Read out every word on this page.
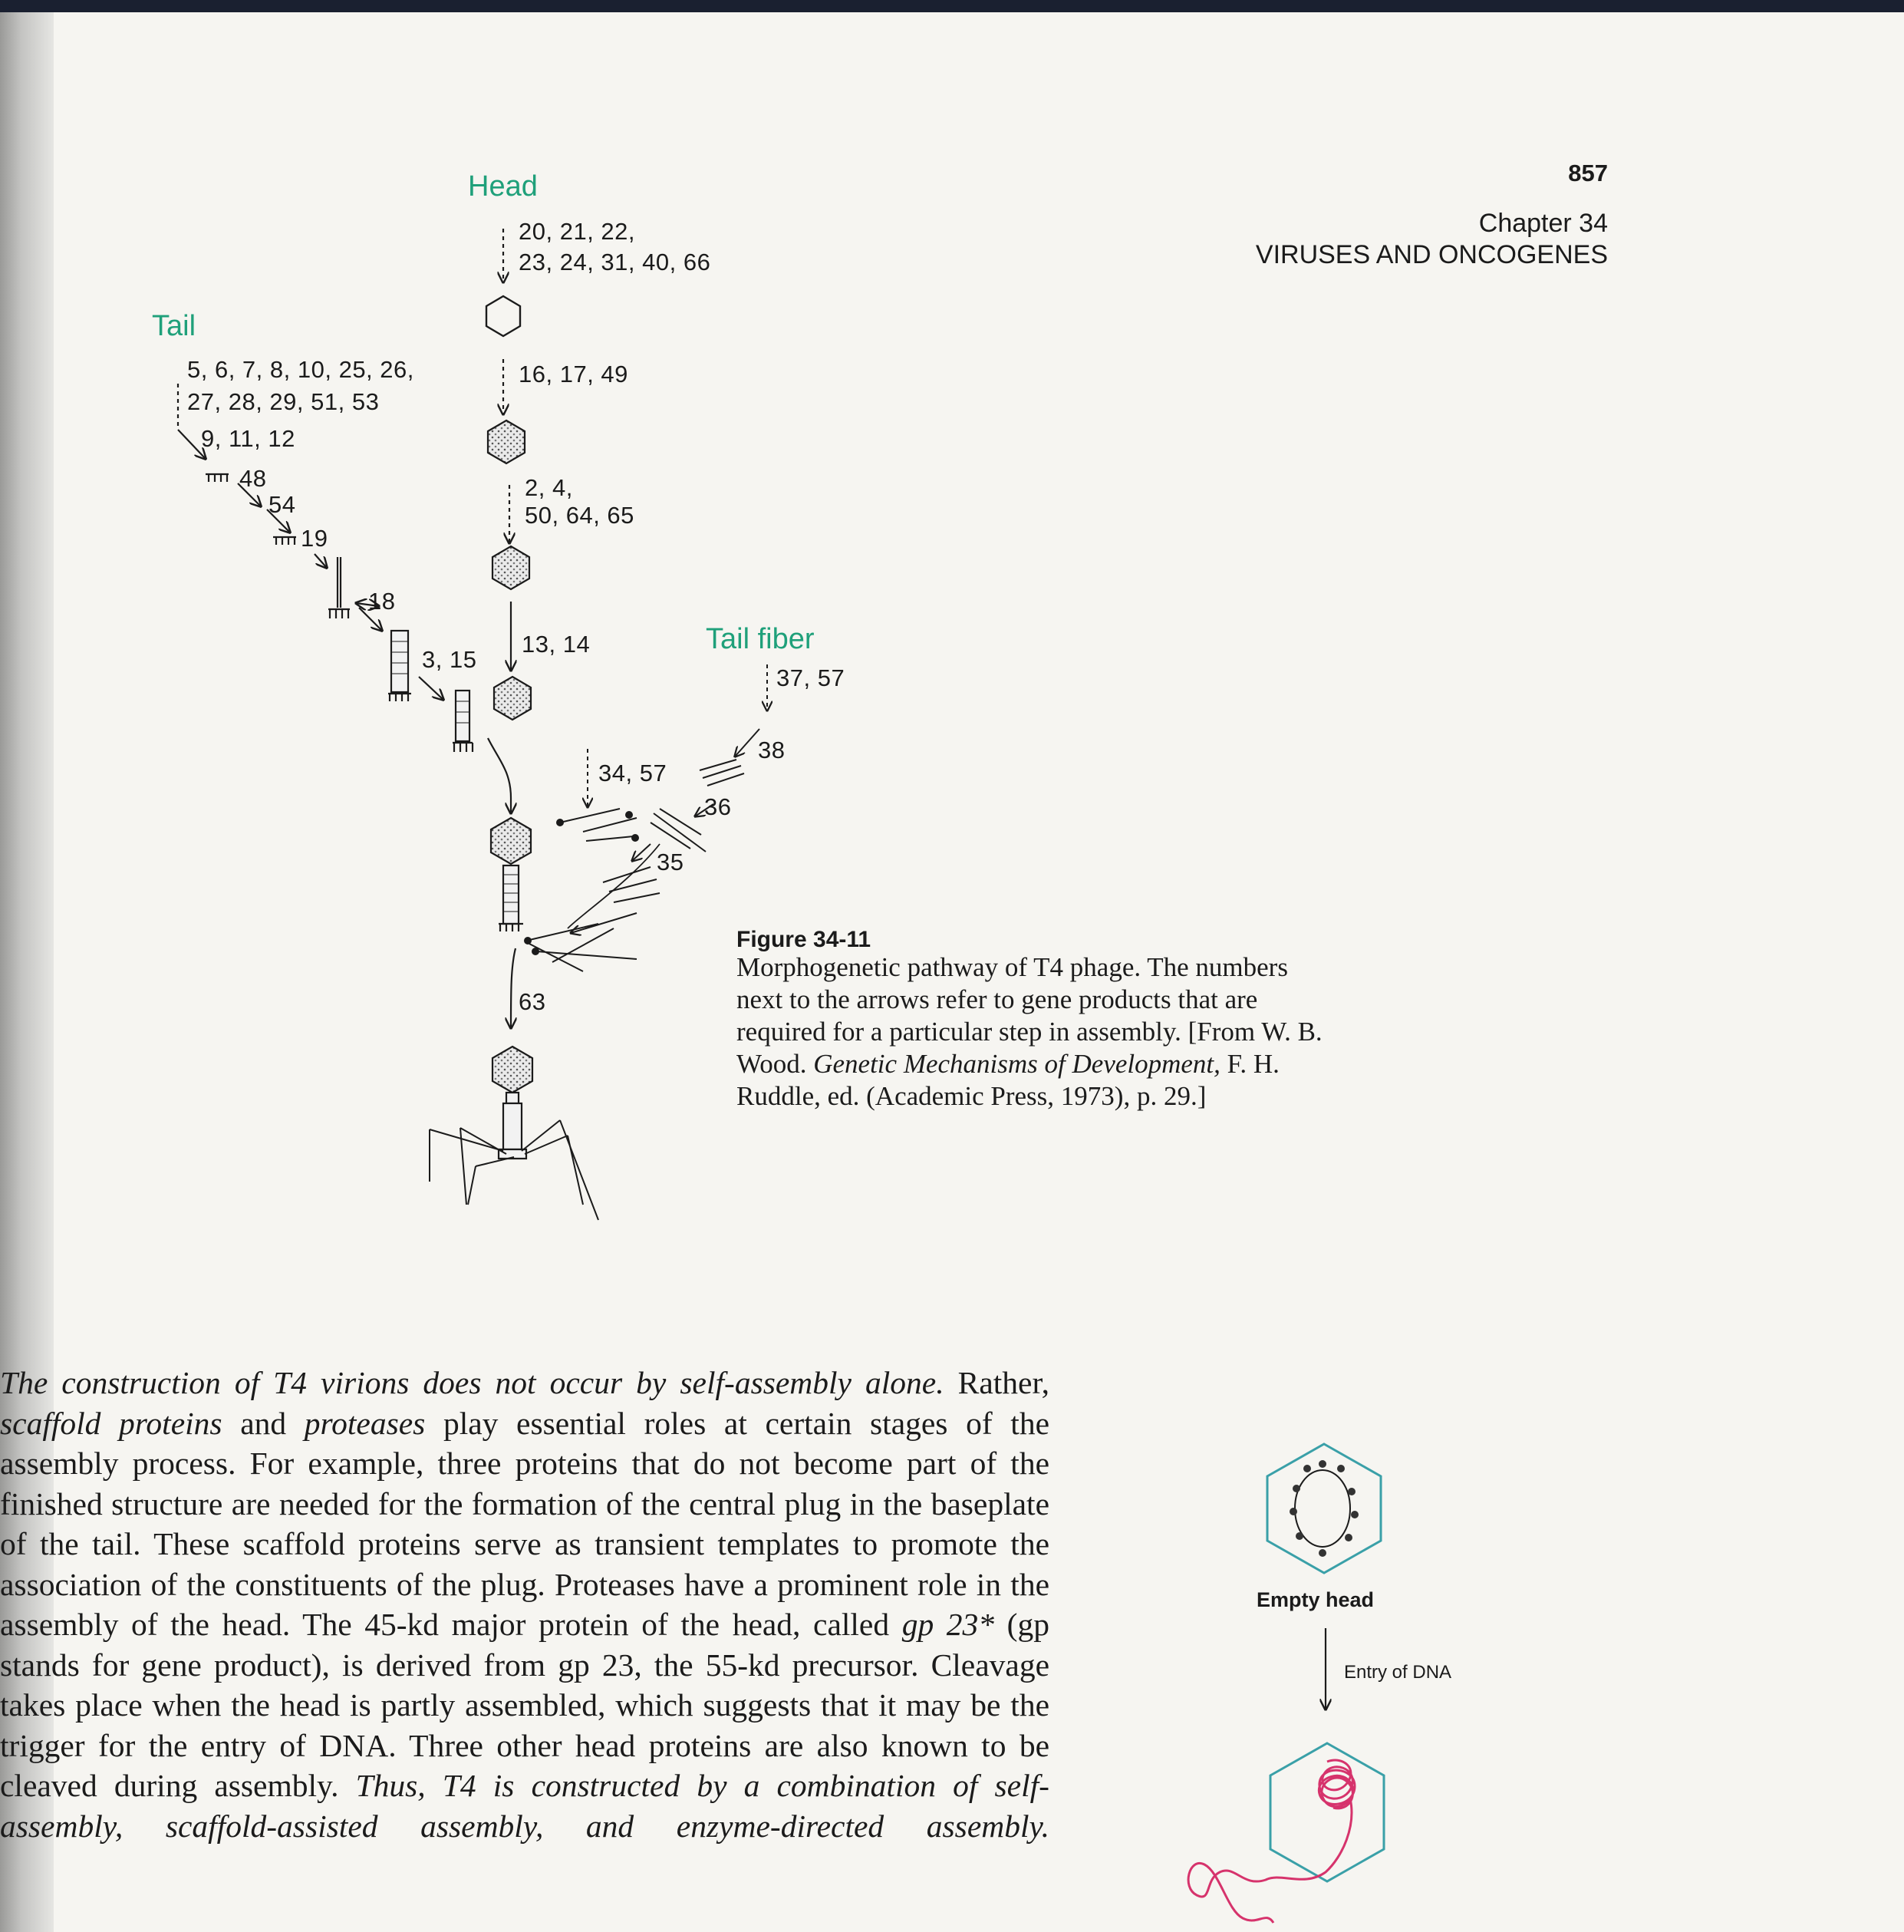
857
Chapter 34
VIRUSES AND ONCOGENES
Head
Tail
Tail fiber
20, 21, 22,
23, 24, 31, 40, 66
16, 17, 49
2, 4,
50, 64, 65
13, 14
5, 6, 7, 8, 10, 25, 26,
27, 28, 29, 51, 53
9, 11, 12
48
54
19
18
3, 15
37, 57
38
34, 57
36
35
63
Figure 34-11
Morphogenetic pathway of T4 phage. The numbers next to the arrows refer to gene products that are required for a particular step in assembly. [From W. B. Wood. Genetic Mechanisms of Development, F. H. Ruddle, ed. (Academic Press, 1973), p. 29.]
The construction of T4 virions does not occur by self-assembly alone. Rather, scaffold proteins and proteases play essential roles at certain stages of the assembly process. For example, three proteins that do not become part of the finished structure are needed for the formation of the central plug in the baseplate of the tail. These scaffold proteins serve as transient templates to promote the association of the constituents of the plug. Proteases have a prominent role in the assembly of the head. The 45-kd major protein of the head, called gp 23* (gp stands for gene product), is derived from gp 23, the 55-kd precursor. Cleavage takes place when the head is partly assembled, which suggests that it may be the trigger for the entry of DNA. Three other head proteins are also known to be cleaved during assembly. Thus, T4 is constructed by a combination of self-assembly, scaffold-assisted assembly, and enzyme-directed assembly.
Empty head
Entry of DNA
